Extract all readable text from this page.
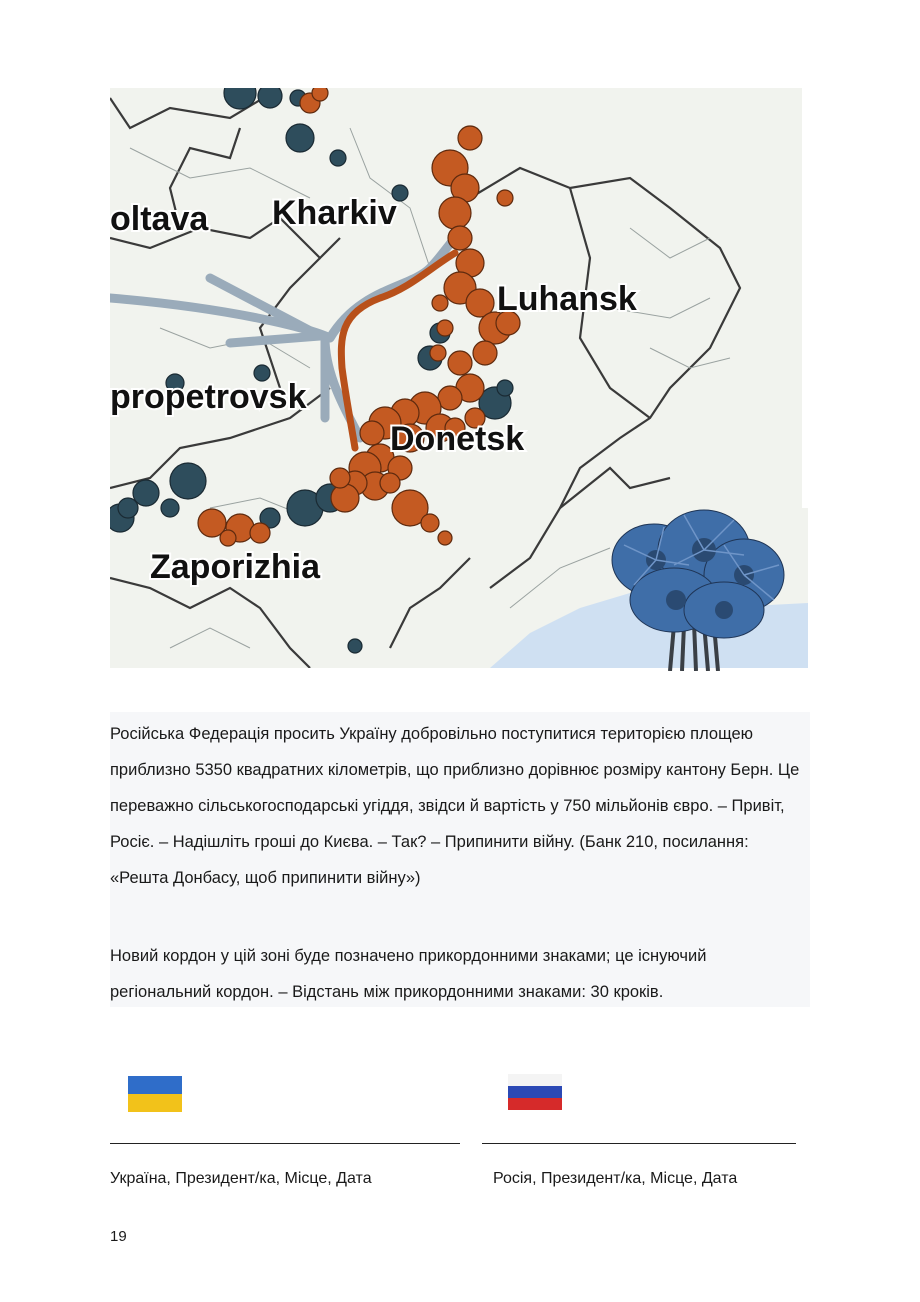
oltava Kharkiv
Luhansk
propetrovsk
Donetsk
Zaporizhia

Російська Федерація просить Україну добровільно поступитися територією площею приблизно 5350 квадратних кілометрів, що приблизно дорівнює розміру кантону Берн. Це переважно сільськогосподарські угіддя, звідси й вартість у 750 мільйонів євро. – Привіт, Росіє. – Надішліть гроші до Києва. – Так? – Припинити війну. (Банк 210, посилання: «Решта Донбасу, щоб припинити війну»)

Новий кордон у цій зоні буде позначено прикордонними знаками; це існуючий регіональний кордон. – Відстань між прикордонними знаками: 30 кроків.

Україна, Президент/ка, Місце, Дата	Росія, Президент/ка, Місце, Дата

19
